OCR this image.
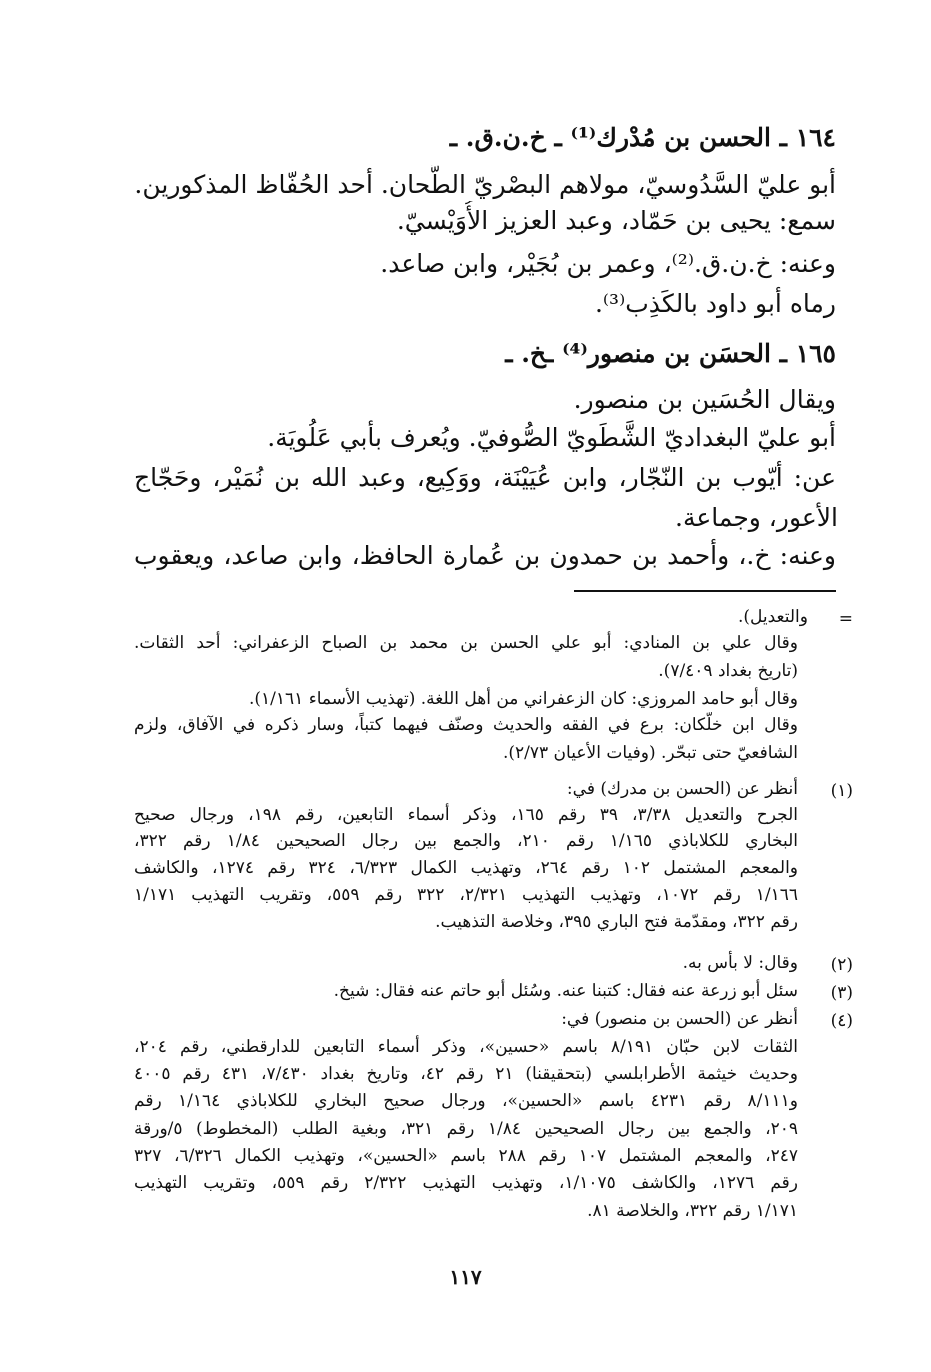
١٦٤ ـ الحسن بن مُدْرك⁽¹⁾ ـ خ.ن.ق. ـ
أبو عليّ السَّدُوسيّ، مولاهم البصْريّ الطَّحان. أحد الحُفّاظ المذكورين.
سمع: يحيى بن حَمّاد، وعبد العزيز الأُوَيْسيّ.
وعنه: خ.ن.ق.⁽²⁾، وعمر بن بُجَيْر، وابن صاعد.
رماه أبو داود بالكَذِب⁽³⁾.
١٦٥ ـ الحسَن بن منصور⁽⁴⁾ ـخ. ـ
ويقال الحُسَين بن منصور.
أبو عليّ البغداديّ الشَّطَويّ الصُّوفيّ. ويُعرف بأبي عَلُويَة.
عن: أيّوب بن النّجّار، وابن عُيَيْنَة، ووَكِيع، وعبد الله بن نُمَيْر، وحَجّاج
الأعور، وجماعة.
وعنه: خ.، وأحمد بن حمدون بن عُمارة الحافظ، وابن صاعد، ويعقوب
=
والتعديل).
وقال علي بن المنادي: أبو علي الحسن بن محمد بن الصباح الزعفراني: أحد الثقات.
(تاريخ بغداد ٧/٤٠٩).
وقال أبو حامد المروزي: كان الزعفراني من أهل اللغة. (تهذيب الأسماء ١/١٦١).
وقال ابن خلّكان: برع في الفقه والحديث وصنّف فيهما كتباً، وسار ذكره في الآفاق، ولزم
الشافعيّ حتى تبحّر. (وفيات الأعيان ٢/٧٣).
(١)
أنظر عن (الحسن بن مدرك) في:
الجرح والتعديل ٣/٣٨، ٣٩ رقم ١٦٥، وذكر أسماء التابعين، رقم ١٩٨، ورجال صحيح
البخاري للكلاباذي ١/١٦٥ رقم ٢١٠، والجمع بين رجال الصحيحين ١/٨٤ رقم ٣٢٢،
والمعجم المشتمل ١٠٢ رقم ٢٦٤، وتهذيب الكمال ٦/٣٢٣، ٣٢٤ رقم ١٢٧٤، والكاشف
١/١٦٦ رقم ١٠٧٢، وتهذيب التهذيب ٢/٣٢١، ٣٢٢ رقم ٥٥٩، وتقريب التهذيب ١/١٧١
رقم ٣٢٢، ومقدّمة فتح الباري ٣٩٥، وخلاصة التذهيب.
(٢)
وقال: لا بأس به.
(٣)
سئل أبو زرعة عنه فقال: كتبنا عنه. وسُئل أبو حاتم عنه فقال: شيخ.
(٤)
أنظر عن (الحسن بن منصور) في:
الثقات لابن حبّان ٨/١٩١ باسم «حسين»، وذكر أسماء التابعين للدارقطني، رقم ٢٠٤،
وحديث خيثمة الأطرابلسي (بتحقيقنا) ٢١ رقم ٤٢، وتاريخ بغداد ٧/٤٣٠، ٤٣١ رقم ٤٠٠٥
و٨/١١١ رقم ٤٢٣١ باسم «الحسين»، ورجال صحيح البخاري للكلاباذي ١/١٦٤ رقم
٢٠٩، والجمع بين رجال الصحيحين ١/٨٤ رقم ٣٢١، وبغية الطلب (المخطوط) ٥/ورقة
٢٤٧، والمعجم المشتمل ١٠٧ رقم ٢٨٨ باسم «الحسين»، وتهذيب الكمال ٦/٣٢٦، ٣٢٧
رقم ١٢٧٦، والكاشف ١/١٠٧٥، وتهذيب التهذيب ٢/٣٢٢ رقم ٥٥٩، وتقريب التهذيب
١/١٧١ رقم ٣٢٢، والخلاصة ٨١.
١١٧
